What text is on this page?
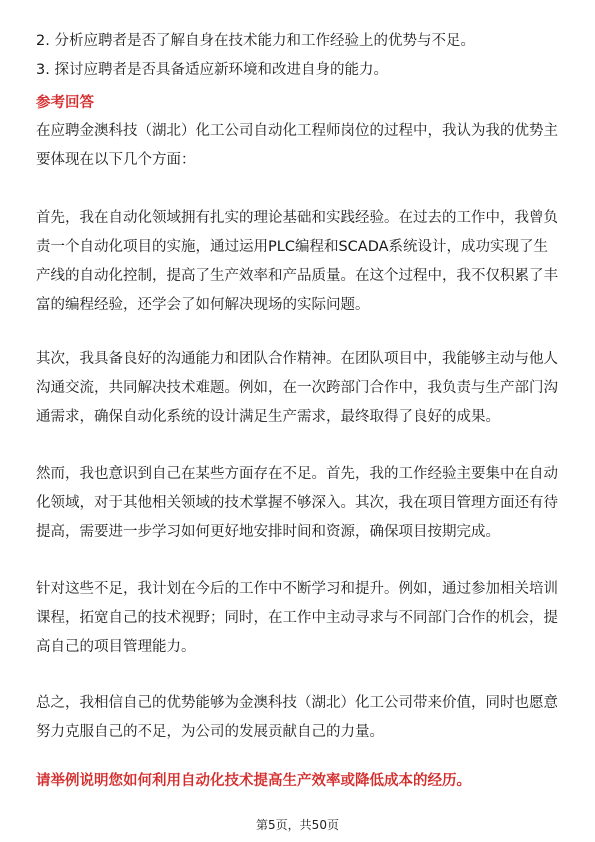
2. 分析应聘者是否了解自身在技术能力和工作经验上的优势与不足。
3. 探讨应聘者是否具备适应新环境和改进自身的能力。
参考回答
在应聘金澳科技（湖北）化工公司自动化工程师岗位的过程中，我认为我的优势主
要体现在以下几个方面：
首先，我在自动化领域拥有扎实的理论基础和实践经验。在过去的工作中，我曾负
责一个自动化项目的实施，通过运用PLC编程和SCADA系统设计，成功实现了生
产线的自动化控制，提高了生产效率和产品质量。在这个过程中，我不仅积累了丰
富的编程经验，还学会了如何解决现场的实际问题。
其次，我具备良好的沟通能力和团队合作精神。在团队项目中，我能够主动与他人
沟通交流，共同解决技术难题。例如，在一次跨部门合作中，我负责与生产部门沟
通需求，确保自动化系统的设计满足生产需求，最终取得了良好的成果。
然而，我也意识到自己在某些方面存在不足。首先，我的工作经验主要集中在自动
化领域，对于其他相关领域的技术掌握不够深入。其次，我在项目管理方面还有待
提高，需要进一步学习如何更好地安排时间和资源，确保项目按期完成。
针对这些不足，我计划在今后的工作中不断学习和提升。例如，通过参加相关培训
课程，拓宽自己的技术视野；同时，在工作中主动寻求与不同部门合作的机会，提
高自己的项目管理能力。
总之，我相信自己的优势能够为金澳科技（湖北）化工公司带来价值，同时也愿意
努力克服自己的不足，为公司的发展贡献自己的力量。
请举例说明您如何利用自动化技术提高生产效率或降低成本的经历。
第5页，共50页
